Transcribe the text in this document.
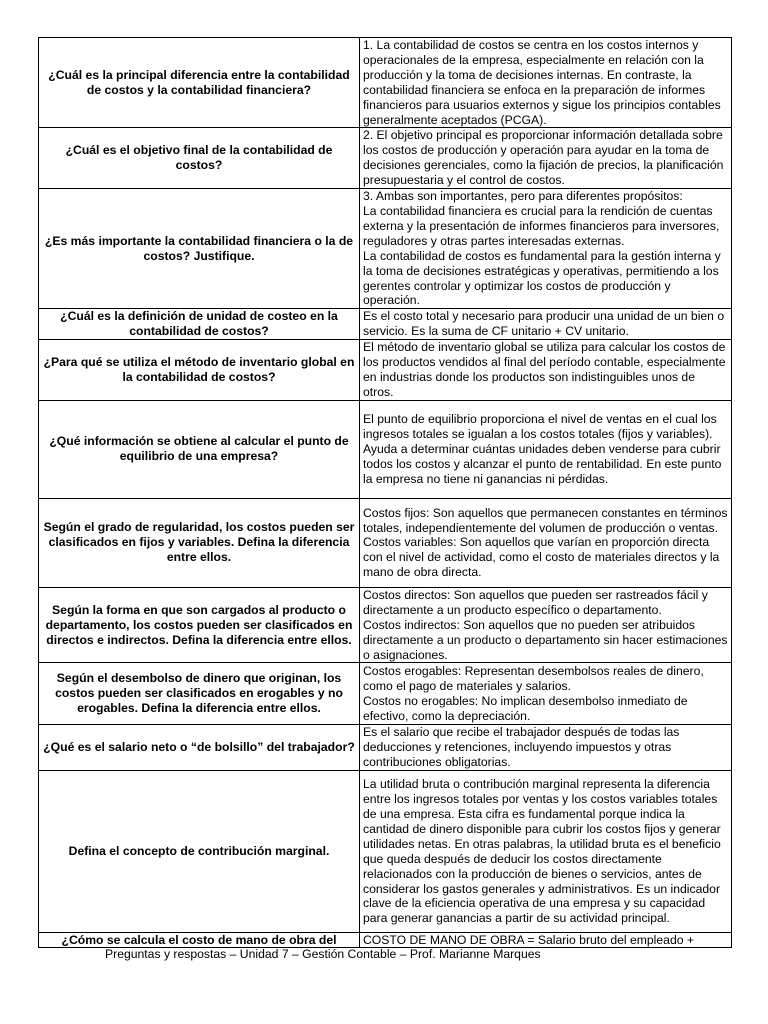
¿Cuál es la principal diferencia entre la contabilidad de costos y la contabilidad financiera?	1. La contabilidad de costos se centra en los costos internos y operacionales de la empresa, especialmente en relación con la producción y la toma de decisiones internas. En contraste, la contabilidad financiera se enfoca en la preparación de informes financieros para usuarios externos y sigue los principios contables generalmente aceptados (PCGA).
¿Cuál es el objetivo final de la contabilidad de costos?	2. El objetivo principal es proporcionar información detallada sobre los costos de producción y operación para ayudar en la toma de decisiones gerenciales, como la fijación de precios, la planificación presupuestaria y el control de costos.
¿Es más importante la contabilidad financiera o la de costos? Justifique.	3. Ambas son importantes, pero para diferentes propósitos:
La contabilidad financiera es crucial para la rendición de cuentas externa y la presentación de informes financieros para inversores, reguladores y otras partes interesadas externas.
La contabilidad de costos es fundamental para la gestión interna y la toma de decisiones estratégicas y operativas, permitiendo a los gerentes controlar y optimizar los costos de producción y operación.
¿Cuál es la definición de unidad de costeo en la contabilidad de costos?	Es el costo total y necesario para producir una unidad de un bien o servicio. Es la suma de CF unitario + CV unitario.
¿Para qué se utiliza el método de inventario global en la contabilidad de costos?	El método de inventario global se utiliza para calcular los costos de los productos vendidos al final del período contable, especialmente en industrias donde los productos son indistinguibles unos de otros.
¿Qué información se obtiene al calcular el punto de equilibrio de una empresa?	El punto de equilibrio proporciona el nivel de ventas en el cual los ingresos totales se igualan a los costos totales (fijos y variables). Ayuda a determinar cuántas unidades deben venderse para cubrir todos los costos y alcanzar el punto de rentabilidad. En este punto la empresa no tiene ni ganancias ni pérdidas.
Según el grado de regularidad, los costos pueden ser clasificados en fijos y variables. Defina la diferencia entre ellos.	Costos fijos: Son aquellos que permanecen constantes en términos totales, independientemente del volumen de producción o ventas.
Costos variables: Son aquellos que varían en proporción directa con el nivel de actividad, como el costo de materiales directos y la mano de obra directa.
Según la forma en que son cargados al producto o departamento, los costos pueden ser clasificados en directos e indirectos. Defina la diferencia entre ellos.	Costos directos: Son aquellos que pueden ser rastreados fácil y directamente a un producto específico o departamento.
Costos indirectos: Son aquellos que no pueden ser atribuidos directamente a un producto o departamento sin hacer estimaciones o asignaciones.
Según el desembolso de dinero que originan, los costos pueden ser clasificados en erogables y no erogables. Defina la diferencia entre ellos.	Costos erogables: Representan desembolsos reales de dinero, como el pago de materiales y salarios.
Costos no erogables: No implican desembolso inmediato de efectivo, como la depreciación.
¿Qué es el salario neto o “de bolsillo” del trabajador?	Es el salario que recibe el trabajador después de todas las deducciones y retenciones, incluyendo impuestos y otras contribuciones obligatorias.
Defina el concepto de contribución marginal.	La utilidad bruta o contribución marginal representa la diferencia entre los ingresos totales por ventas y los costos variables totales de una empresa. Esta cifra es fundamental porque indica la cantidad de dinero disponible para cubrir los costos fijos y generar utilidades netas. En otras palabras, la utilidad bruta es el beneficio que queda después de deducir los costos directamente relacionados con la producción de bienes o servicios, antes de considerar los gastos generales y administrativos. Es un indicador clave de la eficiencia operativa de una empresa y su capacidad para generar ganancias a partir de su actividad principal.
¿Cómo se calcula el costo de mano de obra del	COSTO DE MANO DE OBRA = Salario bruto del empleado +
Preguntas y respostas – Unidad 7 – Gestión Contable – Prof. Marianne Marques
